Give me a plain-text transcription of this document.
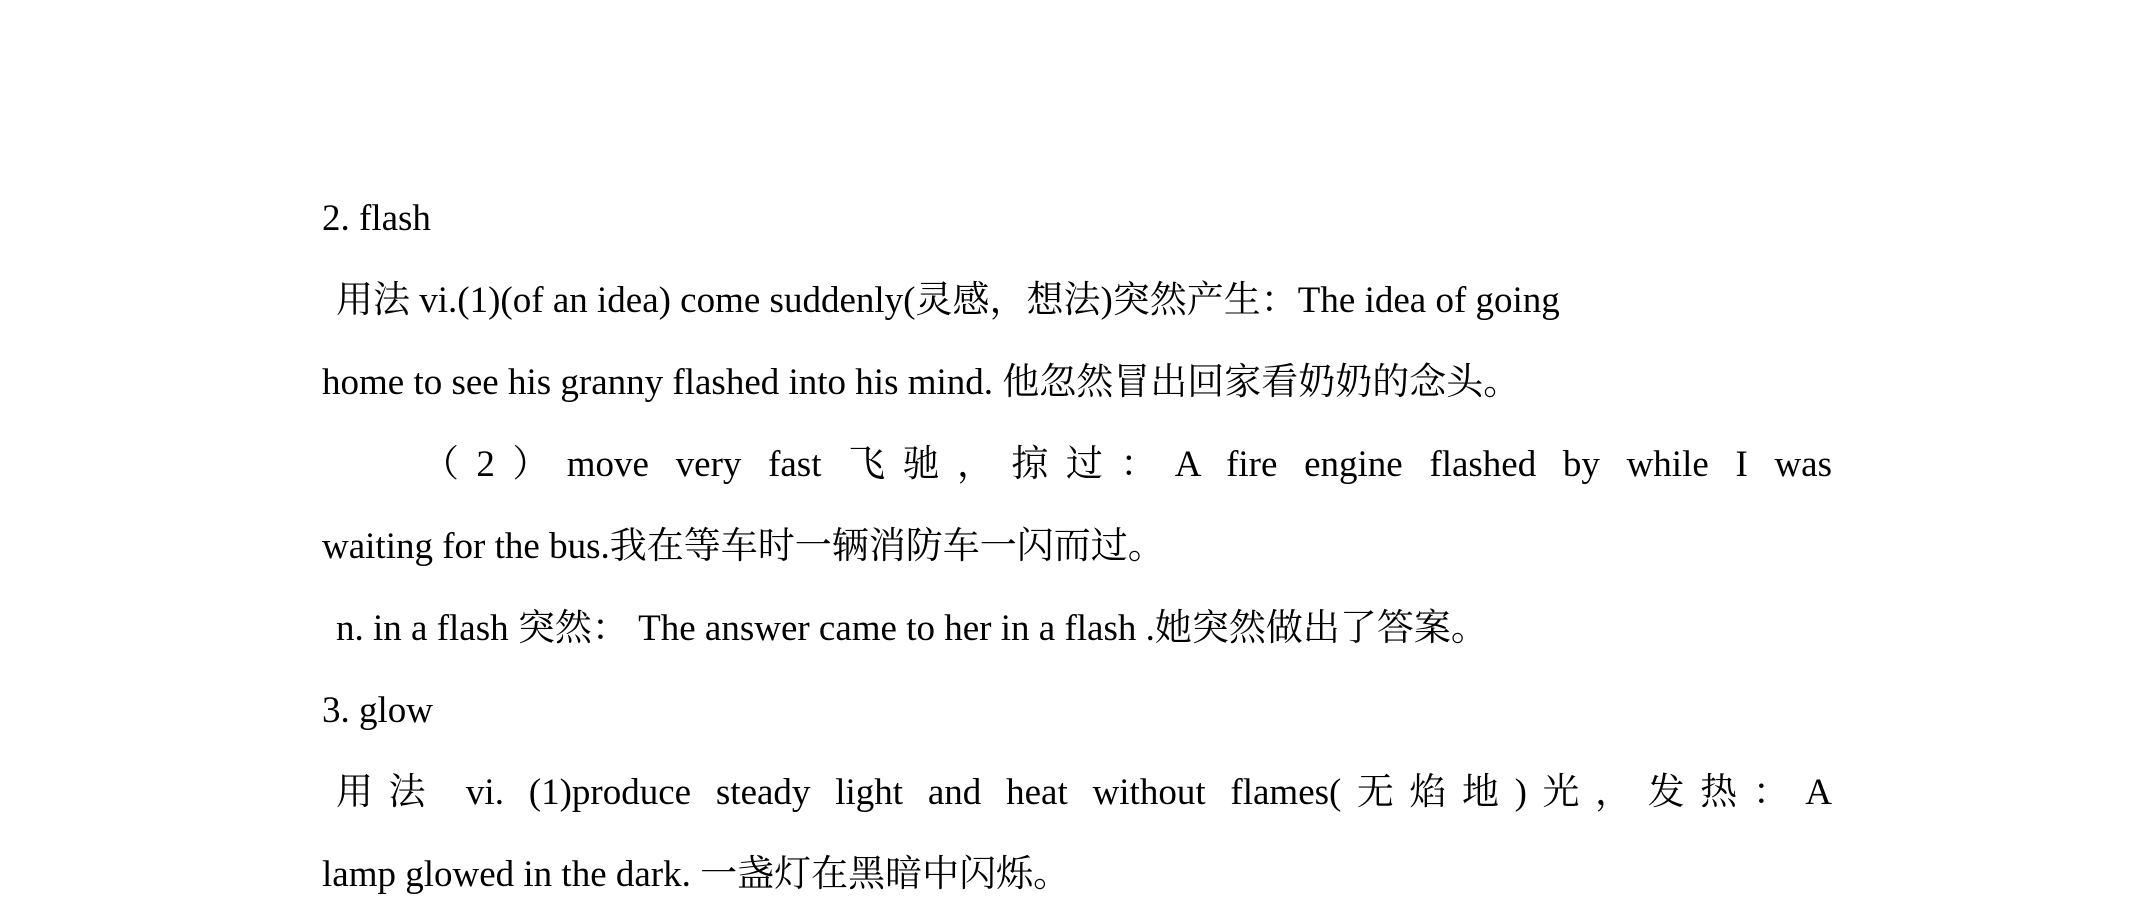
2. flash
用法 vi.(1)(of an idea) come suddenly(灵感，想法)突然产生：The idea of going
home to see his granny flashed into his mind. 他忽然冒出回家看奶奶的念头。
（2）move very fast 飞驰，掠过：A fire engine flashed by while I was
waiting for the bus.我在等车时一辆消防车一闪而过。
n. in a flash 突然： The answer came to her in a flash .她突然做出了答案。
3. glow
用法 vi. (1)produce steady light and heat without flames(无焰地)光，发热：A
lamp glowed in the dark. 一盏灯在黑暗中闪烁。
